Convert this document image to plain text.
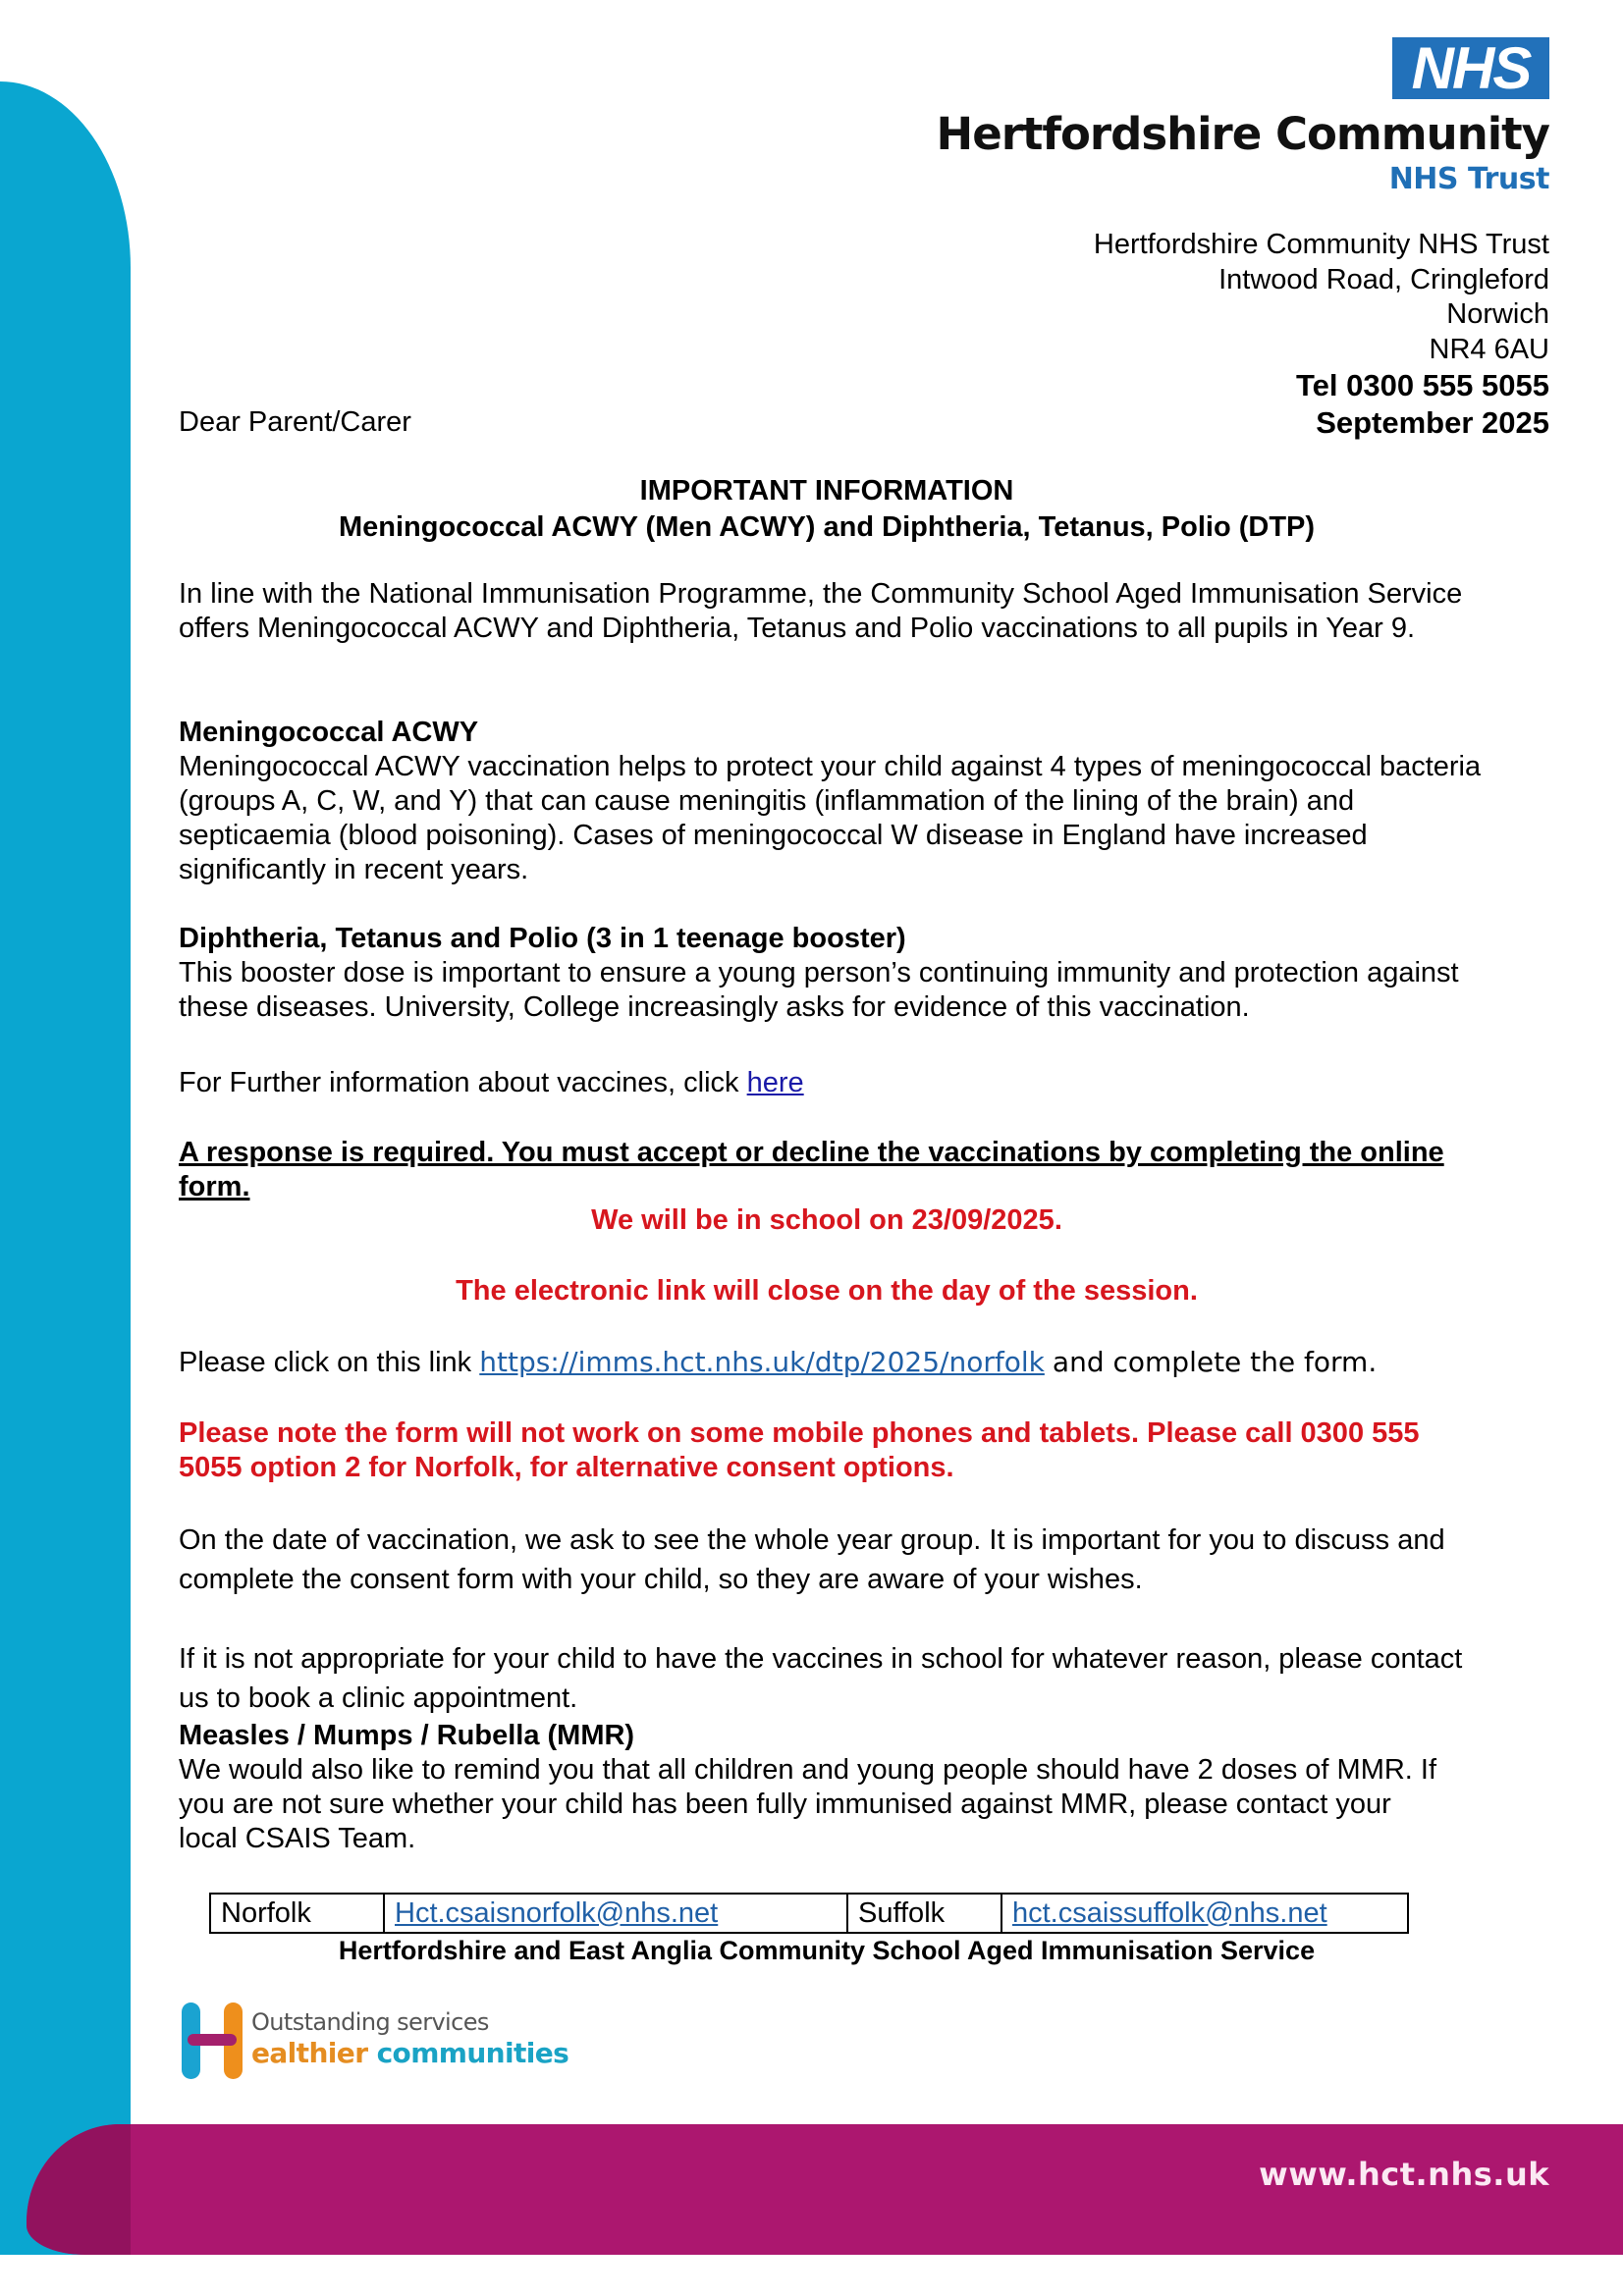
www.hct.nhs.uk
NHS
Hertfordshire Community
NHS Trust
Hertfordshire Community NHS Trust
Intwood Road, Cringleford
Norwich
NR4 6AU
Tel 0300 555 5055
September 2025
Dear Parent/Carer
IMPORTANT INFORMATION
Meningococcal ACWY (Men ACWY) and Diphtheria, Tetanus, Polio (DTP)
In line with the National Immunisation Programme, the Community School Aged Immunisation Service offers Meningococcal ACWY and Diphtheria, Tetanus and Polio vaccinations to all pupils in Year 9.
Meningococcal ACWY
Meningococcal ACWY vaccination helps to protect your child against 4 types of meningococcal bacteria (groups A, C, W, and Y) that can cause meningitis (inflammation of the lining of the brain) and septicaemia (blood poisoning). Cases of meningococcal W disease in England have increased significantly in recent years.
Diphtheria, Tetanus and Polio (3 in 1 teenage booster)
This booster dose is important to ensure a young person’s continuing immunity and protection against these diseases. University, College increasingly asks for evidence of this vaccination.
For Further information about vaccines, click here
A response is required. You must accept or decline the vaccinations by completing the online form.
We will be in school on 23/09/2025.
The electronic link will close on the day of the session.
Please click on this link https://imms.hct.nhs.uk/dtp/2025/norfolk and complete the form.
Please note the form will not work on some mobile phones and tablets. Please call 0300 555 5055 option 2 for Norfolk, for alternative consent options.
On the date of vaccination, we ask to see the whole year group. It is important for you to discuss and complete the consent form with your child, so they are aware of your wishes.
If it is not appropriate for your child to have the vaccines in school for whatever reason, please contact us to book a clinic appointment.
Measles / Mumps / Rubella (MMR)
We would also like to remind you that all children and young people should have 2 doses of MMR. If you are not sure whether your child has been fully immunised against MMR, please contact your local CSAIS Team.
Norfolk	Hct.csaisnorfolk@nhs.net	Suffolk	hct.csaissuffolk@nhs.net
Hertfordshire and East Anglia Community School Aged Immunisation Service
Outstanding services
ealthier communities
